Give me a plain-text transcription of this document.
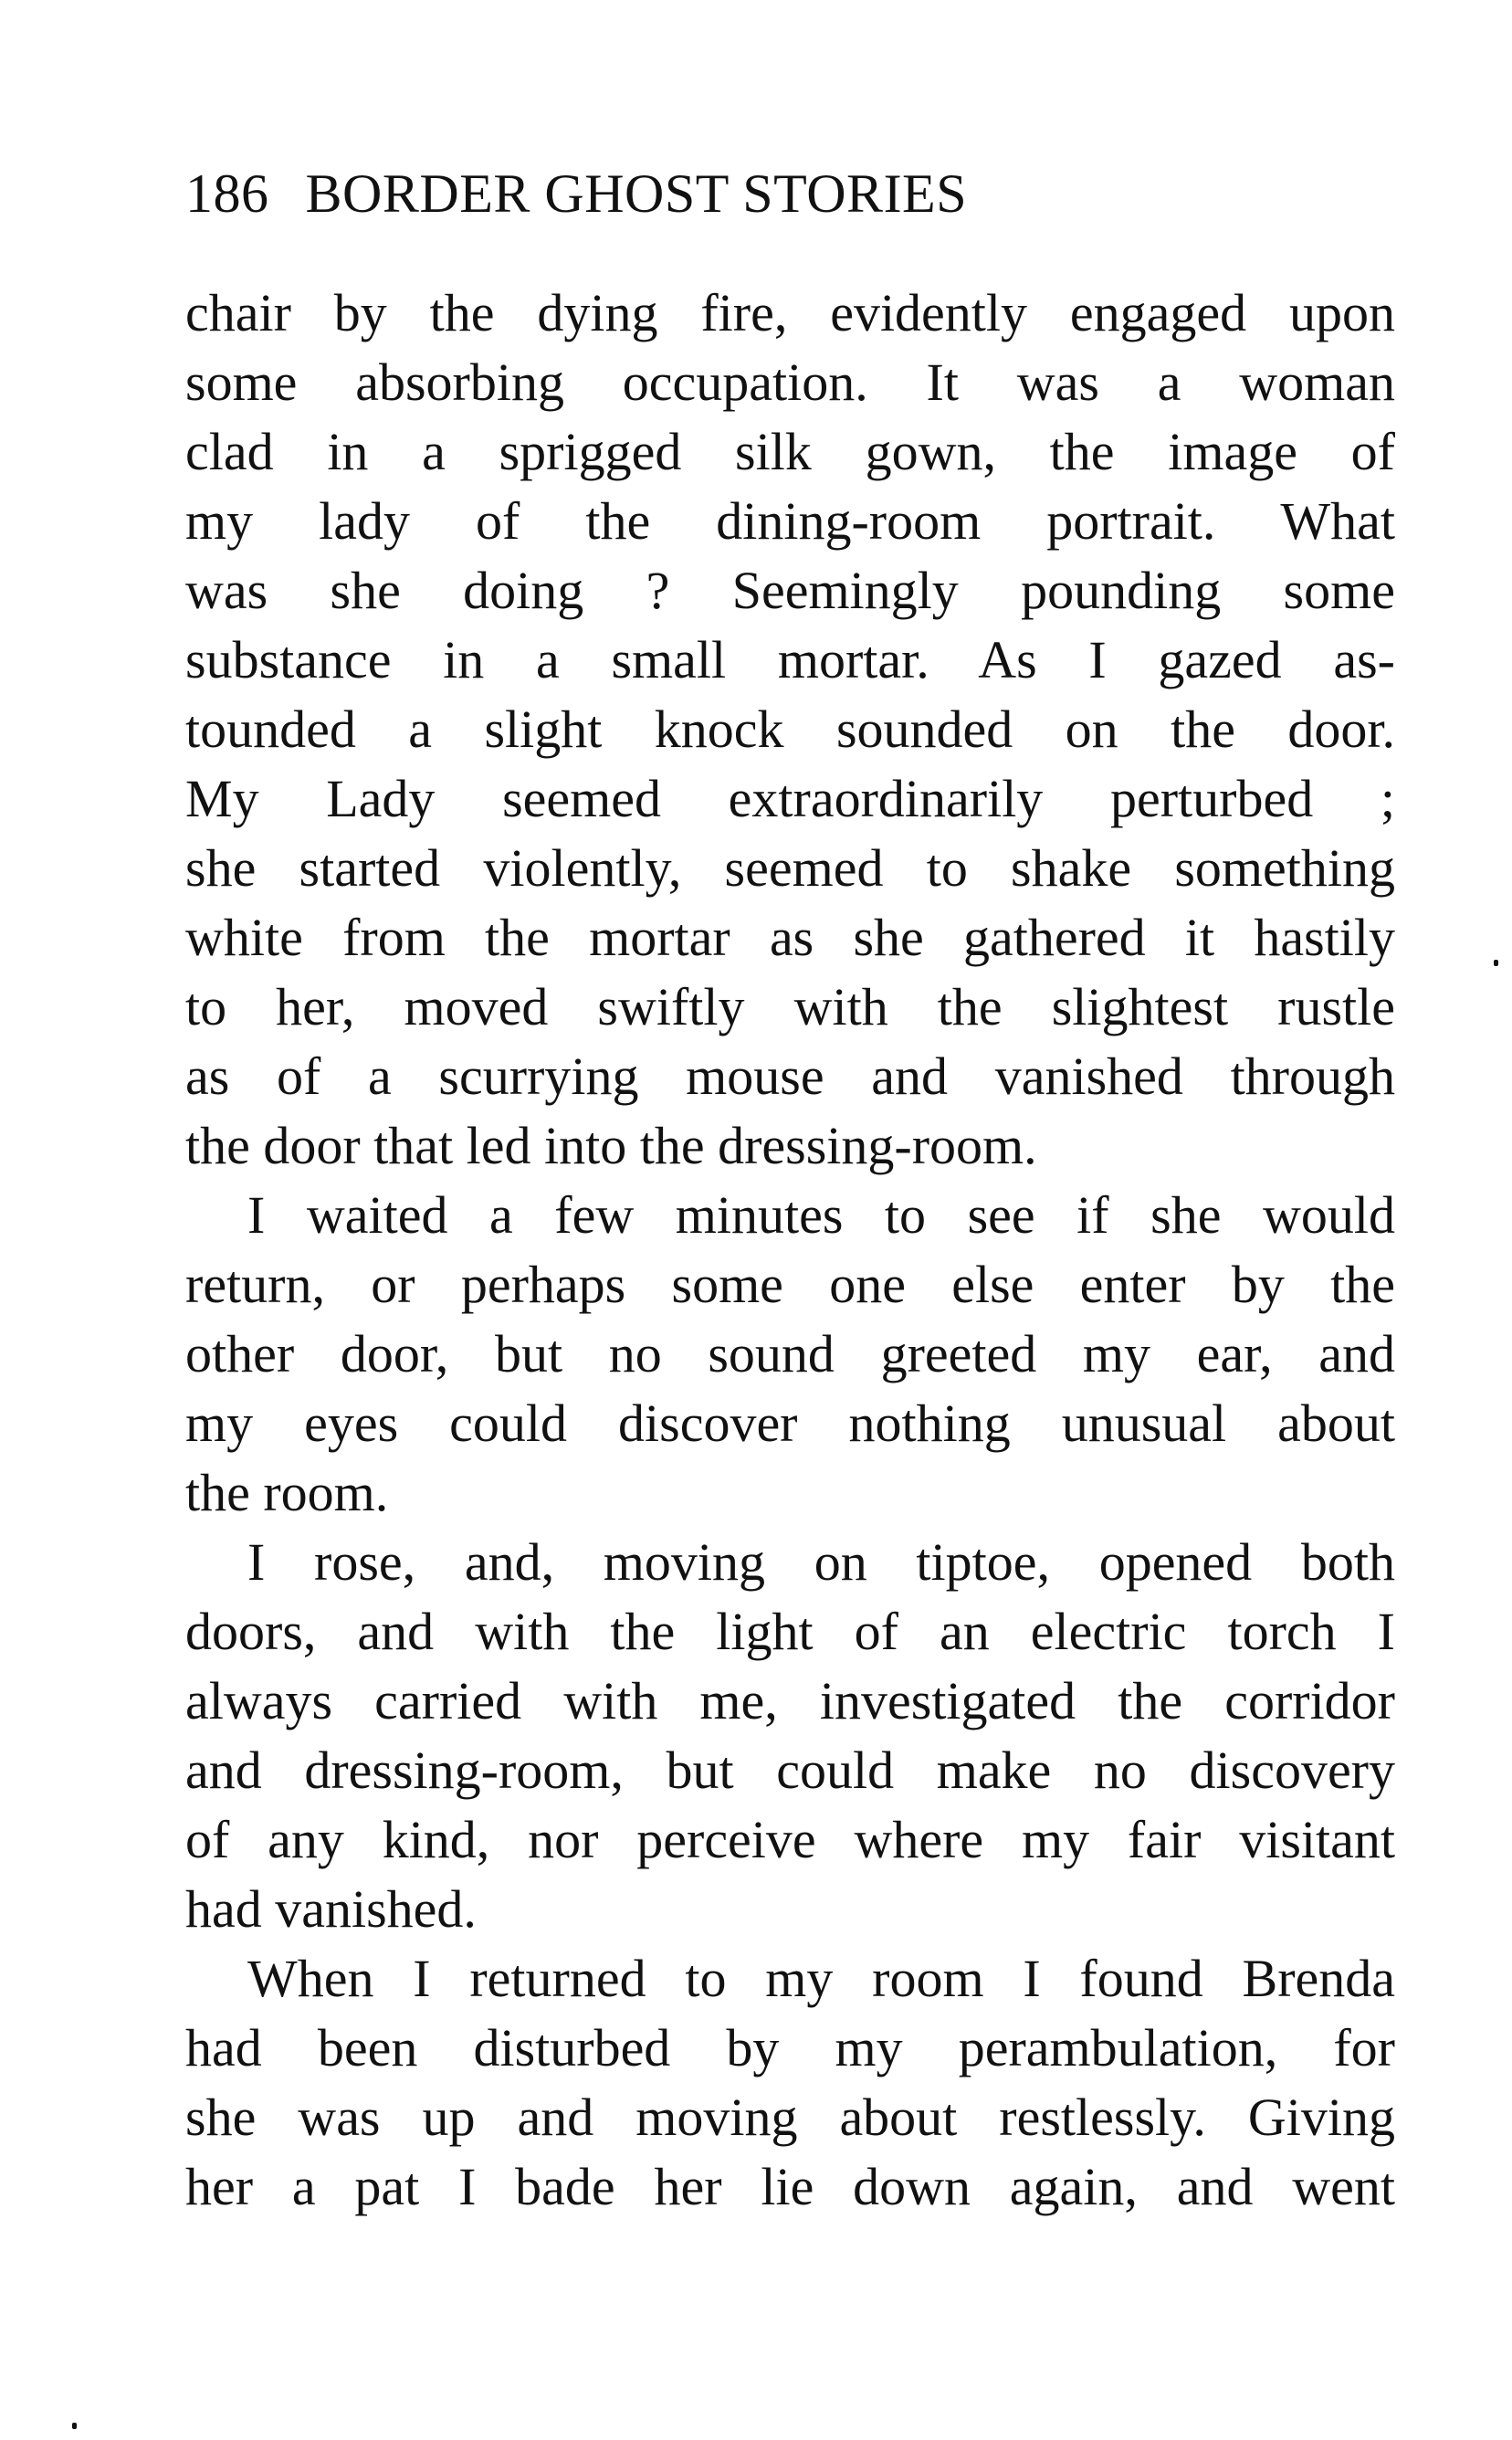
186 BORDER GHOST STORIES
chair by the dying fire, evidently engaged upon
some absorbing occupation. It was a woman
clad in a sprigged silk gown, the image of
my lady of the dining-room portrait. What
was she doing ? Seemingly pounding some
substance in a small mortar. As I gazed as-
tounded a slight knock sounded on the door.
My Lady seemed extraordinarily perturbed ;
she started violently, seemed to shake something
white from the mortar as she gathered it hastily
to her, moved swiftly with the slightest rustle
as of a scurrying mouse and vanished through
the door that led into the dressing-room.
I waited a few minutes to see if she would
return, or perhaps some one else enter by the
other door, but no sound greeted my ear, and
my eyes could discover nothing unusual about
the room.
I rose, and, moving on tiptoe, opened both
doors, and with the light of an electric torch I
always carried with me, investigated the corridor
and dressing-room, but could make no discovery
of any kind, nor perceive where my fair visitant
had vanished.
When I returned to my room I found Brenda
had been disturbed by my perambulation, for
she was up and moving about restlessly. Giving
her a pat I bade her lie down again, and went
